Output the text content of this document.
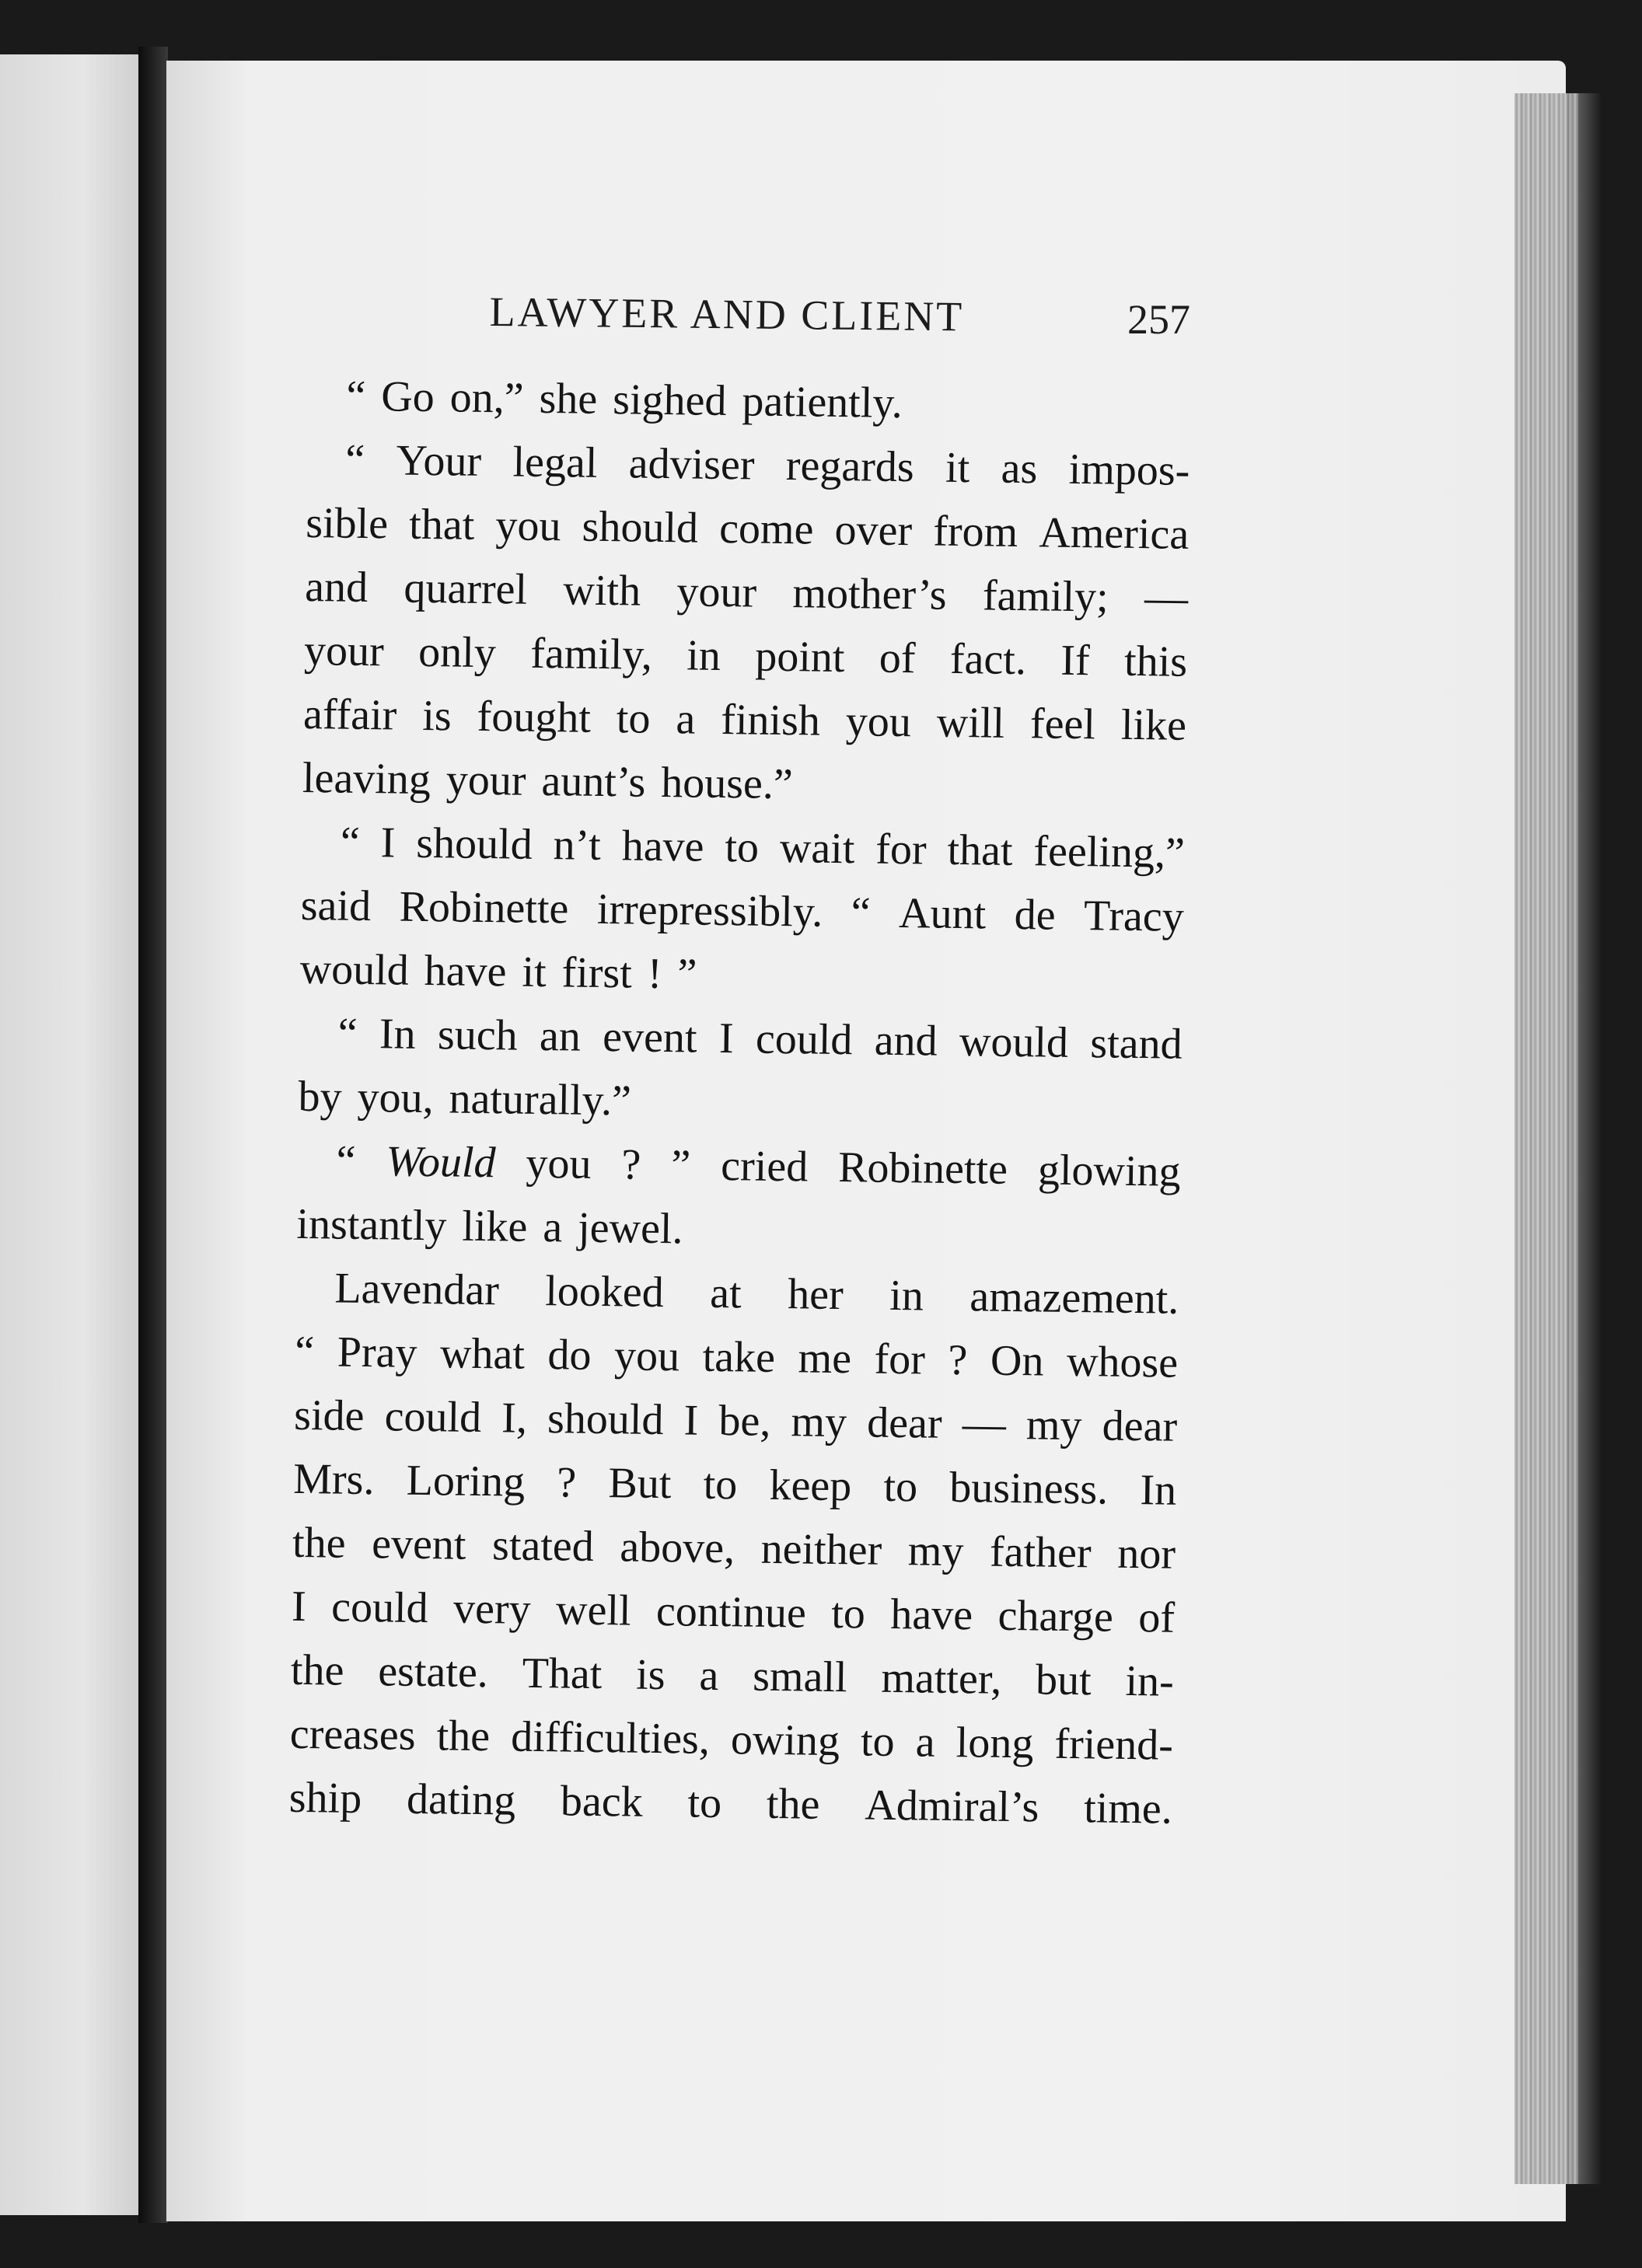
LAWYER AND CLIENT	257
“ Go on,” she sighed patiently.
“ Your legal adviser regards it as impos-
sible that you should come over from America
and quarrel with your mother’s family; —
your only family, in point of fact. If this
affair is fought to a finish you will feel like
leaving your aunt’s house.”
“ I should n’t have to wait for that feeling,”
said Robinette irrepressibly. “ Aunt de Tracy
would have it first ! ”
“ In such an event I could and would stand
by you, naturally.”
“ Would you ? ” cried Robinette glowing
instantly like a jewel.
Lavendar looked at her in amazement.
“ Pray what do you take me for ? On whose
side could I, should I be, my dear — my dear
Mrs. Loring ? But to keep to business. In
the event stated above, neither my father nor
I could very well continue to have charge of
the estate. That is a small matter, but in-
creases the difficulties, owing to a long friend-
ship dating back to the Admiral’s time.
